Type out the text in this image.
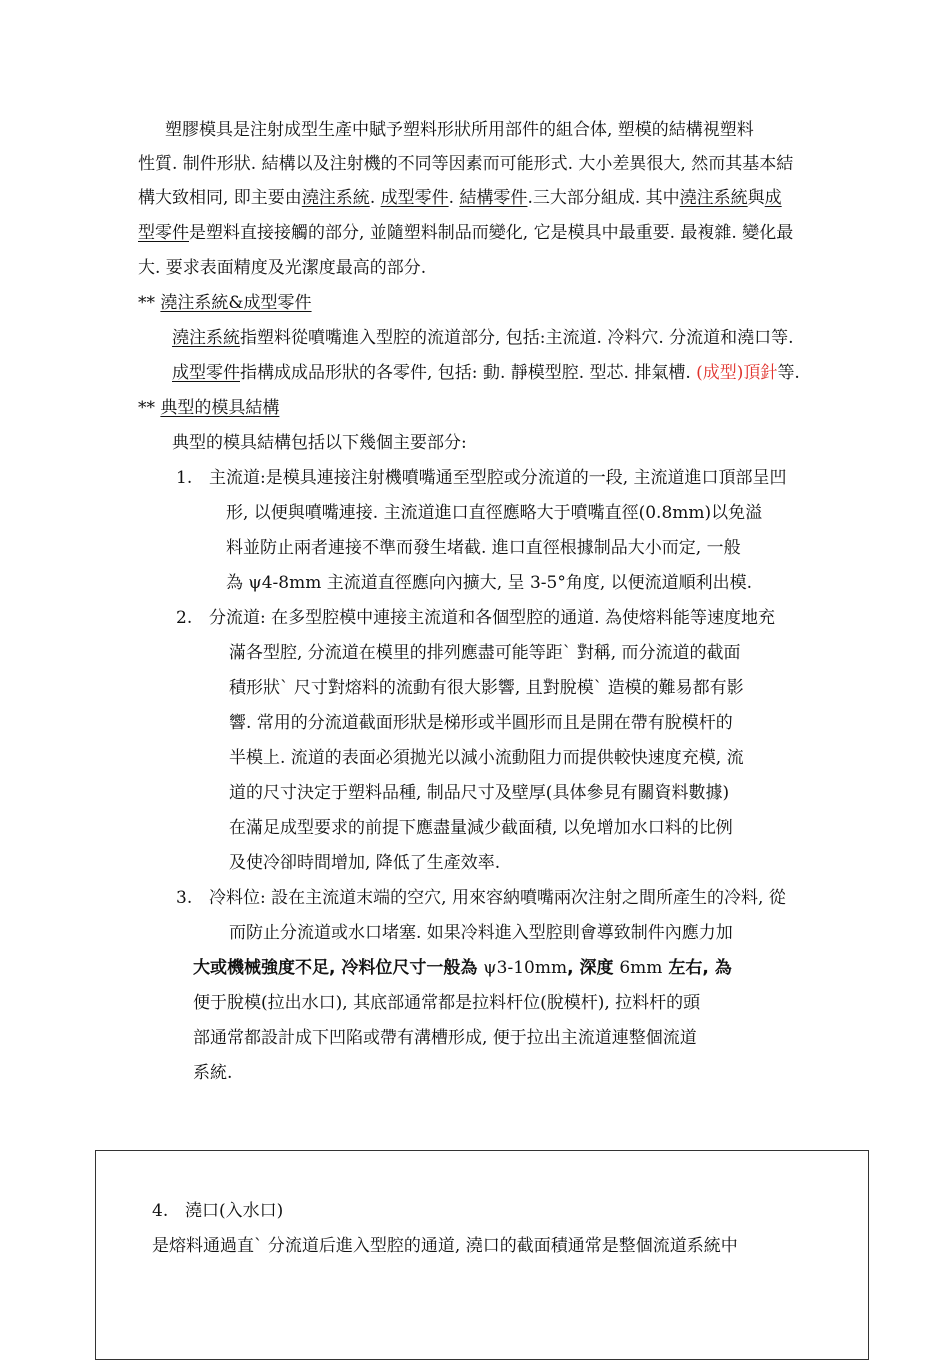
塑膠模具是注射成型生產中賦予塑料形狀所用部件的組合体, 塑模的結構視塑料
性質. 制件形狀. 結構以及注射機的不同等因素而可能形式. 大小差異很大, 然而其基本結
構大致相同, 即主要由澆注系統. 成型零件. 結構零件.三大部分組成. 其中澆注系統與成
型零件是塑料直接接觸的部分, 並隨塑料制品而變化, 它是模具中最重要. 最複雜. 變化最
大. 要求表面精度及光潔度最高的部分.
** 澆注系統&成型零件
澆注系統指塑料從噴嘴進入型腔的流道部分, 包括:主流道. 冷料穴. 分流道和澆口等.
成型零件指構成成品形狀的各零件, 包括: 動. 靜模型腔. 型芯. 排氣槽. (成型)頂針等.
** 典型的模具結構
典型的模具結構包括以下幾個主要部分:
1. 主流道:是模具連接注射機噴嘴通至型腔或分流道的一段, 主流道進口頂部呈凹
形, 以便與噴嘴連接. 主流道進口直徑應略大于噴嘴直徑(0.8mm)以免溢
料並防止兩者連接不準而發生堵截. 進口直徑根據制品大小而定, 一般
為 ψ4-8mm 主流道直徑應向內擴大, 呈 3-5°角度, 以便流道順利出模.
2. 分流道: 在多型腔模中連接主流道和各個型腔的通道. 為使熔料能等速度地充
滿各型腔, 分流道在模里的排列應盡可能等距` 對稱, 而分流道的截面
積形狀` 尺寸對熔料的流動有很大影響, 且對脫模` 造模的難易都有影
響. 常用的分流道截面形狀是梯形或半圓形而且是開在帶有脫模杆的
半模上. 流道的表面必須拋光以減小流動阻力而提供較快速度充模, 流
道的尺寸決定于塑料品種, 制品尺寸及壁厚(具体參見有關資料數據)
在滿足成型要求的前提下應盡量減少截面積, 以免增加水口料的比例
及使冷卻時間增加, 降低了生產效率.
3. 冷料位: 設在主流道末端的空穴, 用來容納噴嘴兩次注射之間所產生的冷料, 從
而防止分流道或水口堵塞. 如果冷料進入型腔則會導致制件內應力加
大或機械強度不足, 冷料位尺寸一般為 ψ3-10mm, 深度 6mm 左右, 為
便于脫模(拉出水口), 其底部通常都是拉料杆位(脫模杆), 拉料杆的頭
部通常都設計成下凹陷或帶有溝槽形成, 便于拉出主流道連整個流道
系統.
4. 澆口(入水口)
是熔料通過直` 分流道后進入型腔的通道, 澆口的截面積通常是整個流道系統中
